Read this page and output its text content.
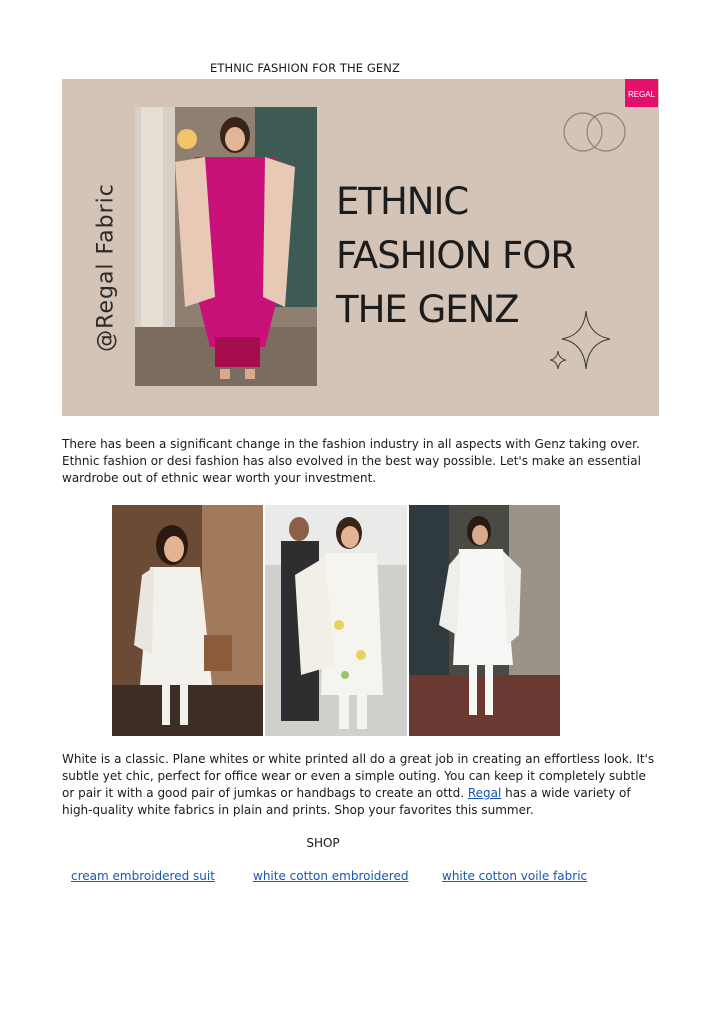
ETHNIC FASHION FOR THE GENZ
REGAL
@Regal Fabric	ETHNIC
FASHION FOR
THE GENZ
There has been a significant change in the fashion industry in all aspects with Genz taking over. Ethnic fashion or desi fashion has also evolved in the best way possible. Let's make an essential wardrobe out of ethnic wear worth your investment.
White is a classic. Plane whites or white printed all do a great job in creating an effortless look. It's subtle yet chic, perfect for office wear or even a simple outing. You can keep it completely subtle or pair it with a good pair of jumkas or handbags to create an ottd. Regal has a wide variety of high-quality white fabrics in plain and prints. Shop your favorites this summer.
SHOP
cream embroidered suit	white cotton embroidered	white cotton voile fabric
